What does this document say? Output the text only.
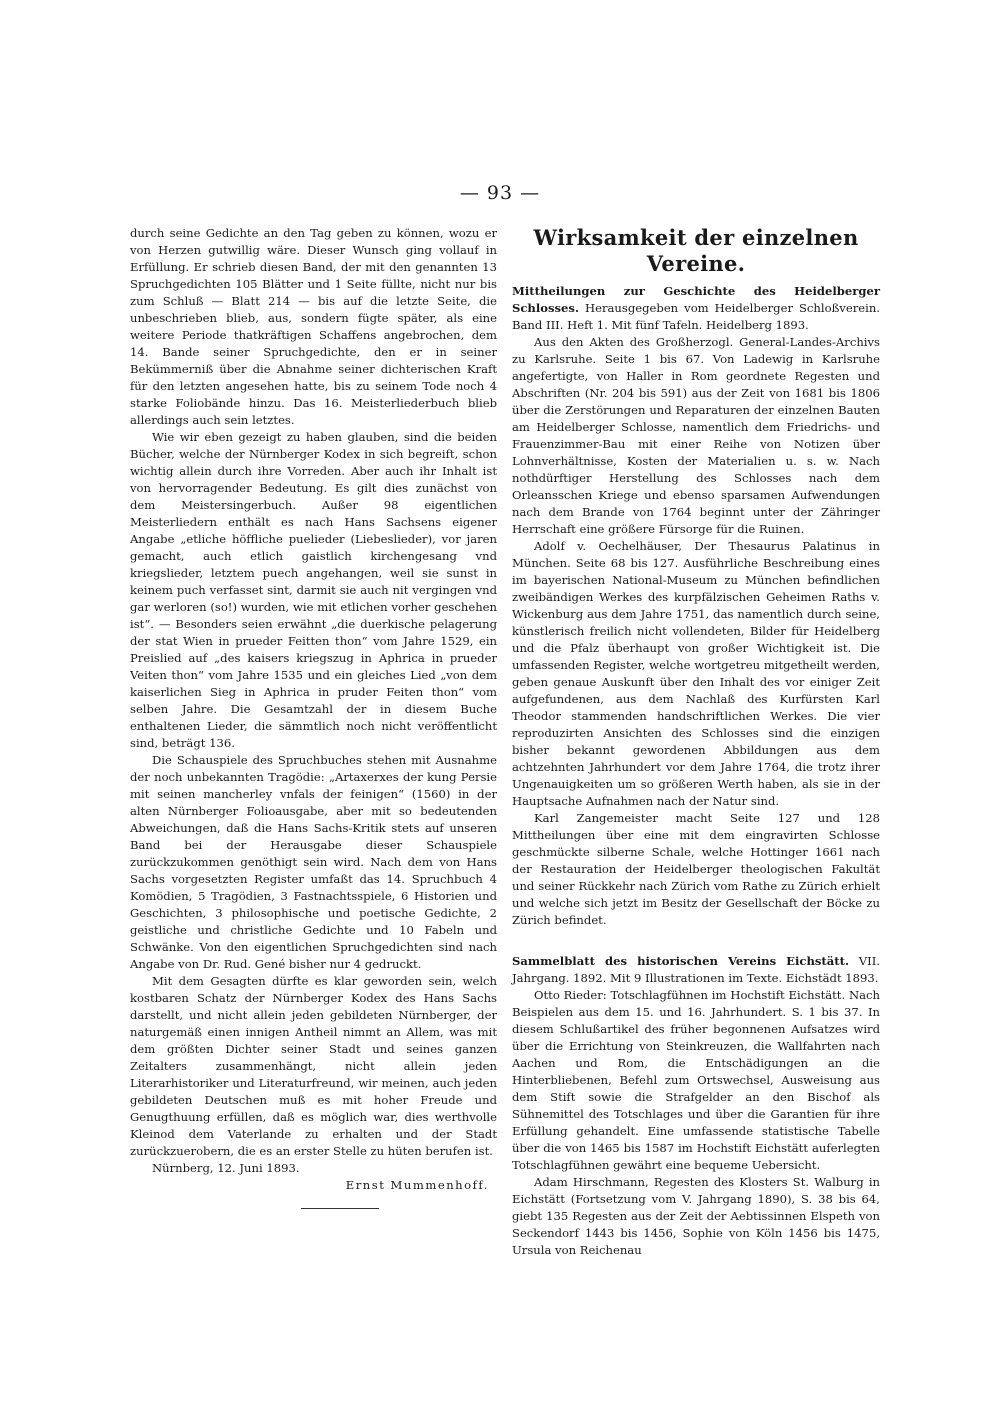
— 93 —

durch seine Gedichte an den Tag geben zu können, wozu er von Herzen gutwillig wäre. Dieser Wunsch ging vollauf in Erfüllung. Er schrieb diesen Band, der mit den genannten 13 Spruchgedichten 105 Blätter und 1 Seite füllte, nicht nur bis zum Schluß — Blatt 214 — bis auf die letzte Seite, die unbeschrieben blieb, aus, sondern fügte später, als eine weitere Periode thatkräftigen Schaffens angebrochen, dem 14. Bande seiner Spruchgedichte, den er in seiner Bekümmerniß über die Abnahme seiner dichterischen Kraft für den letzten angesehen hatte, bis zu seinem Tode noch 4 starke Foliobände hinzu. Das 16. Meisterliederbuch blieb allerdings auch sein letztes.

Wie wir eben gezeigt zu haben glauben, sind die beiden Bücher, welche der Nürnberger Kodex in sich begreift, schon wichtig allein durch ihre Vorreden. Aber auch ihr Inhalt ist von hervorragender Bedeutung. Es gilt dies zunächst von dem Meistersingerbuch. Außer 98 eigentlichen Meisterliedern enthält es nach Hans Sachsens eigener Angabe „etliche höffliche puelieder (Liebeslieder), vor jaren gemacht, auch etlich gaistlich kirchengesang vnd kriegslieder, letztem puech angehangen, weil sie sunst in keinem puch verfasset sint, darmit sie auch nit vergingen vnd gar werloren (so!) wurden, wie mit etlichen vorher geschehen ist“. — Besonders seien erwähnt „die duerkische pelagerung der stat Wien in prueder Feitten thon“ vom Jahre 1529, ein Preislied auf „des kaisers kriegszug in Aphrica in prueder Veiten thon“ vom Jahre 1535 und ein gleiches Lied „von dem kaiserlichen Sieg in Aphrica in pruder Feiten thon“ vom selben Jahre. Die Gesamtzahl der in diesem Buche enthaltenen Lieder, die sämmtlich noch nicht veröffentlicht sind, beträgt 136.

Die Schauspiele des Spruchbuches stehen mit Ausnahme der noch unbekannten Tragödie: „Artaxerxes der kung Persie mit seinen mancherley vnfals der feinigen“ (1560) in der alten Nürnberger Folioausgabe, aber mit so bedeutenden Abweichungen, daß die Hans Sachs-Kritik stets auf unseren Band bei der Herausgabe dieser Schauspiele zurückzukommen genöthigt sein wird. Nach dem von Hans Sachs vorgesetzten Register umfaßt das 14. Spruchbuch 4 Komödien, 5 Tragödien, 3 Fastnachtsspiele, 6 Historien und Geschichten, 3 philosophische und poetische Gedichte, 2 geistliche und christliche Gedichte und 10 Fabeln und Schwänke. Von den eigentlichen Spruchgedichten sind nach Angabe von Dr. Rud. Gené bisher nur 4 gedruckt.

Mit dem Gesagten dürfte es klar geworden sein, welch kostbaren Schatz der Nürnberger Kodex des Hans Sachs darstellt, und nicht allein jeden gebildeten Nürnberger, der naturgemäß einen innigen Antheil nimmt an Allem, was mit dem größten Dichter seiner Stadt und seines ganzen Zeitalters zusammenhängt, nicht allein jeden Literarhistoriker und Literaturfreund, wir meinen, auch jeden gebildeten Deutschen muß es mit hoher Freude und Genugthuung erfüllen, daß es möglich war, dies werthvolle Kleinod dem Vaterlande zu erhalten und der Stadt zurückzuerobern, die es an erster Stelle zu hüten berufen ist.

Nürnberg, 12. Juni 1893.

Ernst Mummenhoff.

Wirksamkeit der einzelnen Vereine.

Mittheilungen zur Geschichte des Heidelberger Schlosses. Herausgegeben vom Heidelberger Schloßverein. Band III. Heft 1. Mit fünf Tafeln. Heidelberg 1893.

Aus den Akten des Großherzogl. General-Landes-Archivs zu Karlsruhe. Seite 1 bis 67. Von Ladewig in Karlsruhe angefertigte, von Haller in Rom geordnete Regesten und Abschriften (Nr. 204 bis 591) aus der Zeit von 1681 bis 1806 über die Zerstörungen und Reparaturen der einzelnen Bauten am Heidelberger Schlosse, namentlich dem Friedrichs- und Frauenzimmer-Bau mit einer Reihe von Notizen über Lohnverhältnisse, Kosten der Materialien u. s. w. Nach nothdürftiger Herstellung des Schlosses nach dem Orleansschen Kriege und ebenso sparsamen Aufwendungen nach dem Brande von 1764 beginnt unter der Zähringer Herrschaft eine größere Fürsorge für die Ruinen.

Adolf v. Oechelhäuser, Der Thesaurus Palatinus in München. Seite 68 bis 127. Ausführliche Beschreibung eines im bayerischen National-Museum zu München befindlichen zweibändigen Werkes des kurpfälzischen Geheimen Raths v. Wickenburg aus dem Jahre 1751, das namentlich durch seine, künstlerisch freilich nicht vollendeten, Bilder für Heidelberg und die Pfalz überhaupt von großer Wichtigkeit ist. Die umfassenden Register, welche wortgetreu mitgetheilt werden, geben genaue Auskunft über den Inhalt des vor einiger Zeit aufgefundenen, aus dem Nachlaß des Kurfürsten Karl Theodor stammenden handschriftlichen Werkes. Die vier reproduzirten Ansichten des Schlosses sind die einzigen bisher bekannt gewordenen Abbildungen aus dem achtzehnten Jahrhundert vor dem Jahre 1764, die trotz ihrer Ungenauigkeiten um so größeren Werth haben, als sie in der Hauptsache Aufnahmen nach der Natur sind.

Karl Zangemeister macht Seite 127 und 128 Mittheilungen über eine mit dem eingravirten Schlosse geschmückte silberne Schale, welche Hottinger 1661 nach der Restauration der Heidelberger theologischen Fakultät und seiner Rückkehr nach Zürich vom Rathe zu Zürich erhielt und welche sich jetzt im Besitz der Gesellschaft der Böcke zu Zürich befindet.

Sammelblatt des historischen Vereins Eichstätt. VII. Jahrgang. 1892. Mit 9 Illustrationen im Texte. Eichstädt 1893.

Otto Rieder: Totschlagfühnen im Hochstift Eichstätt. Nach Beispielen aus dem 15. und 16. Jahrhundert. S. 1 bis 37. In diesem Schlußartikel des früher begonnenen Aufsatzes wird über die Errichtung von Steinkreuzen, die Wallfahrten nach Aachen und Rom, die Entschädigungen an die Hinterbliebenen, Befehl zum Ortswechsel, Ausweisung aus dem Stift sowie die Strafgelder an den Bischof als Sühnemittel des Totschlages und über die Garantien für ihre Erfüllung gehandelt. Eine umfassende statistische Tabelle über die von 1465 bis 1587 im Hochstift Eichstätt auferlegten Totschlagfühnen gewährt eine bequeme Uebersicht.

Adam Hirschmann, Regesten des Klosters St. Walburg in Eichstätt (Fortsetzung vom V. Jahrgang 1890), S. 38 bis 64, giebt 135 Regesten aus der Zeit der Aebtissinnen Elspeth von Seckendorf 1443 bis 1456, Sophie von Köln 1456 bis 1475, Ursula von Reichenau
